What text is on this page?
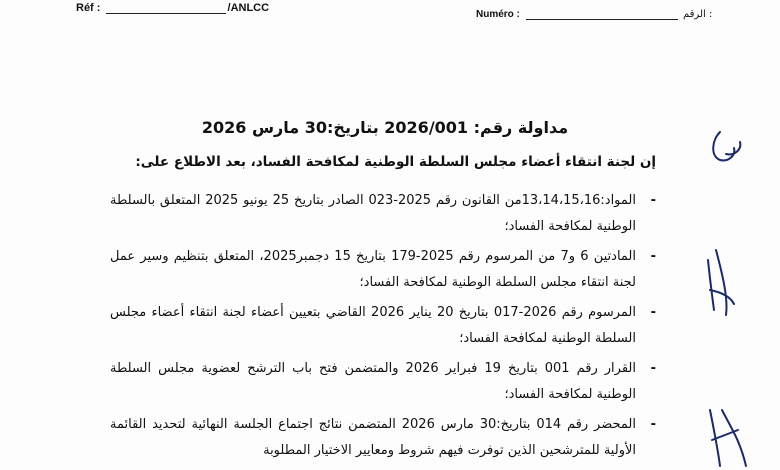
Réf :	/ANLCC
Numéro :	الرقم :
مداولة رقم: 2026/001 بتاريخ:30 مارس 2026
إن لجنة انتقاء أعضاء مجلس السلطة الوطنية لمكافحة الفساد، بعد الاطلاع على:
-
المواد:13،14،15،16من القانون رقم 2025-023 الصادر بتاريخ 25 يونيو 2025 المتعلق بالسلطة الوطنية لمكافحة الفساد؛
-
المادتين 6 و7 من المرسوم رقم 2025-179 بتاريخ 15 دجمبر2025، المتعلق بتنظيم وسير عمل لجنة انتقاء مجلس السلطة الوطنية لمكافحة الفساد؛
-
المرسوم رقم 2026-017 بتاريخ 20 يناير 2026 القاضي بتعيين أعضاء لجنة انتقاء أعضاء مجلس السلطة الوطنية لمكافحة الفساد؛
-
القرار رقم 001 بتاريخ 19 فبراير 2026 والمتضمن فتح باب الترشح لعضوية مجلس السلطة الوطنية لمكافحة الفساد؛
-
المحضر رقم 014 بتاريخ:30 مارس 2026 المتضمن نتائج اجتماع الجلسة النهائية لتحديد القائمة الأولية للمترشحين الذين توفرت فيهم شروط ومعايير الاختيار المطلوبة
